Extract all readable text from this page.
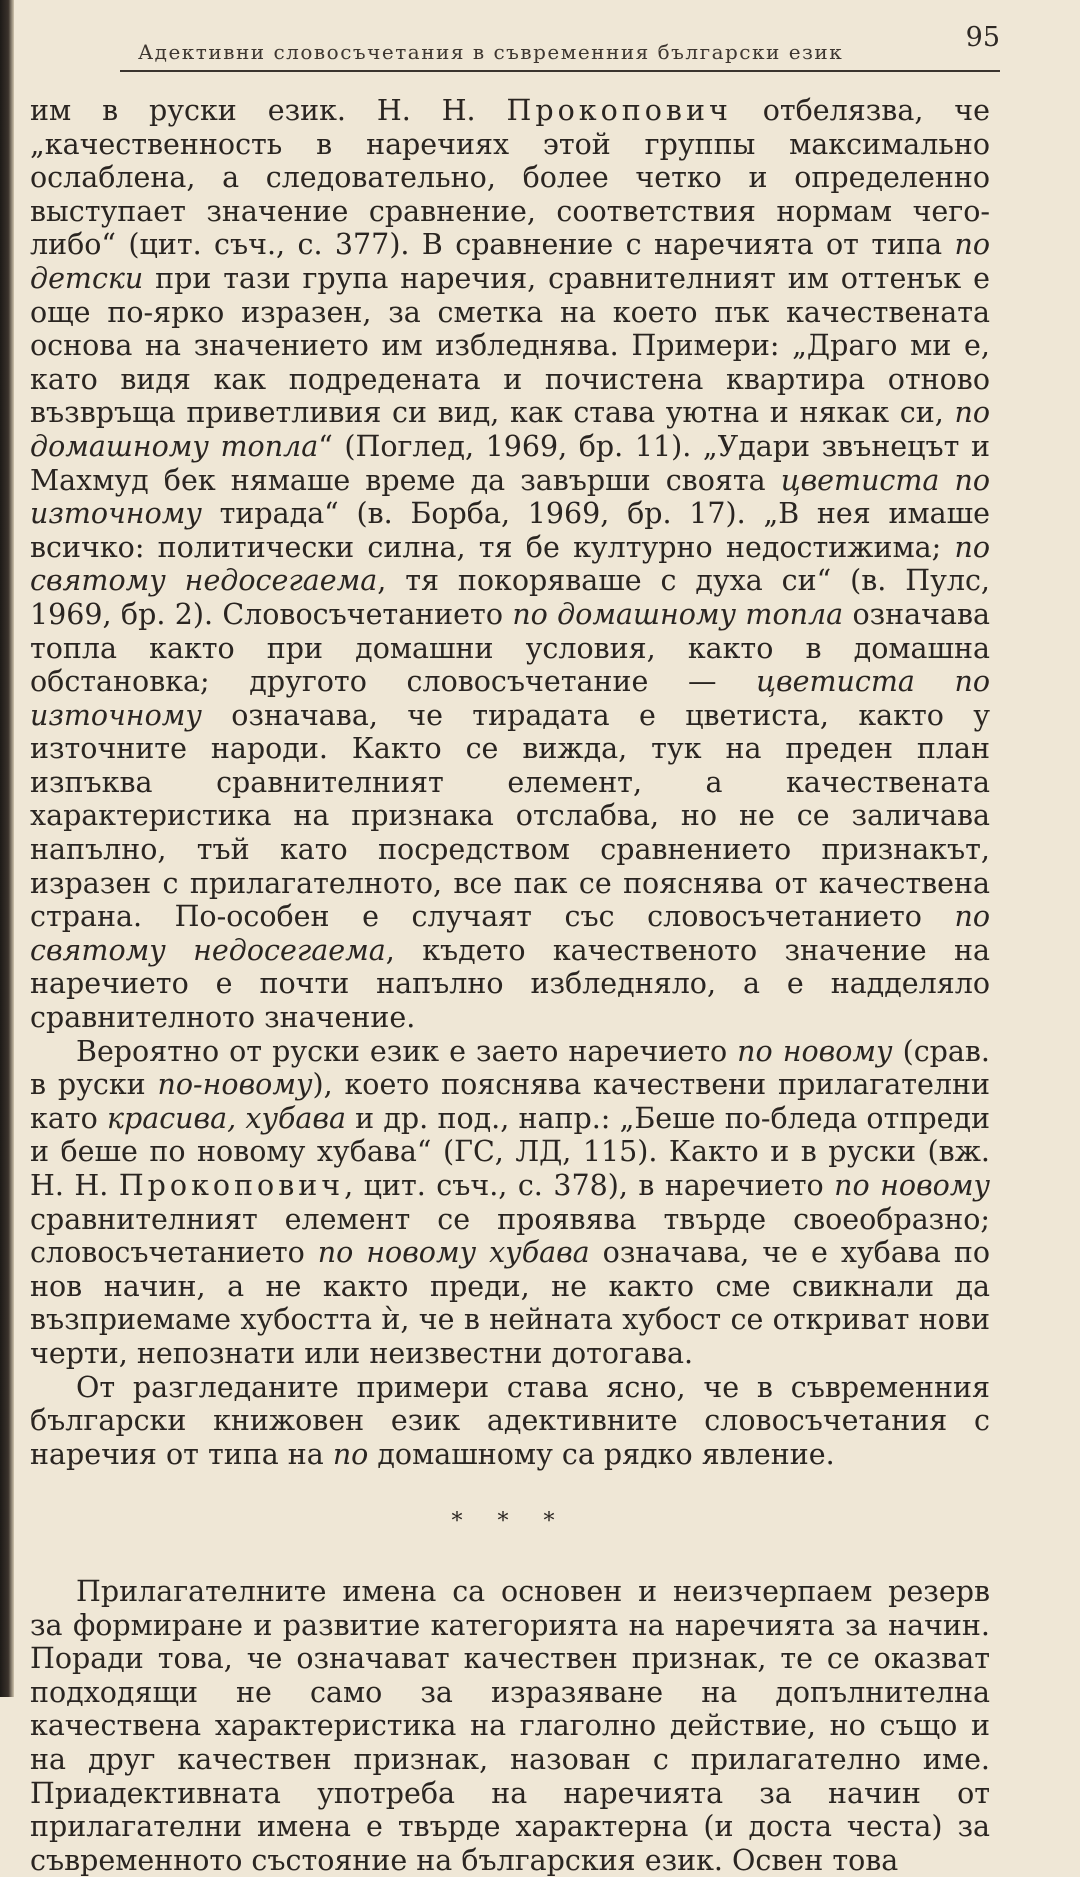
Адективни словосъчетания в съвременния български език	95

им в руски език. Н. Н. Прокопович отбелязва, че „качественность в наречиях этой группы максимально ослаблена, а следовательно, более четко и определенно выступает значение сравнение, соответствия нормам чего-либо“ (цит. съч., с. 377). В сравнение с наречията от типа по детски при тази група наречия, сравнителният им оттенък е още по-ярко изразен, за сметка на което пък качествената основа на значението им избледнява. Примери: „Драго ми е, като видя как подредената и почистена квартира отново възвръща приветливия си вид, как става уютна и някак си, по домашному топла“ (Поглед, 1969, бр. 11). „Удари звънецът и Махмуд бек нямаше време да завърши своята цветиста по източному тирада“ (в. Борба, 1969, бр. 17). „В нея имаше всичко: политически силна, тя бе културно недостижима; по святому недосегаема, тя покоряваше с духа си“ (в. Пулс, 1969, бр. 2). Словосъчетанието по домашному топла означава топла както при домашни условия, както в домашна обстановка; другото словосъчетание — цветиста по източному означава, че тирадата е цветиста, както у източните народи. Както се вижда, тук на преден план изпъква сравнителният елемент, а качествената характеристика на признака отслабва, но не се заличава напълно, тъй като посредством сравнението признакът, изразен с прилагателното, все пак се пояснява от качествена страна. По-особен е случаят със словосъчетанието по святому недосегаема, където качественото значение на наречието е почти напълно избледняло, а е надделяло сравнителното значение.

Вероятно от руски език е заето наречието по новому (срав. в руски по-новому), което пояснява качествени прилагателни като красива, хубава и др. под., напр.: „Беше по-бледа отпреди и беше по новому хубава“ (ГС, ЛД, 115). Както и в руски (вж. Н. Н. Прокопович, цит. съч., с. 378), в наречието по новому сравнителният елемент се проявява твърде своеобразно; словосъчетанието по новому хубава означава, че е хубава по нов начин, а не както преди, не както сме свикнали да възприемаме хубостта ѝ, че в нейната хубост се откриват нови черти, непознати или неизвестни дотогава.

От разгледаните примери става ясно, че в съвременния български книжовен език адективните словосъчетания с наречия от типа на по домашному са рядко явление.

* * *

Прилагателните имена са основен и неизчерпаем резерв за формиране и развитие категорията на наречията за начин. Поради това, че означават качествен признак, те се оказват подходящи не само за изразяване на допълнителна качествена характеристика на глаголно действие, но също и на друг качествен признак, назован с прилагателно име. Приадективната употреба на наречията за начин от прилагателни имена е твърде характерна (и доста честа) за съвременното състояние на българския език. Освен това
